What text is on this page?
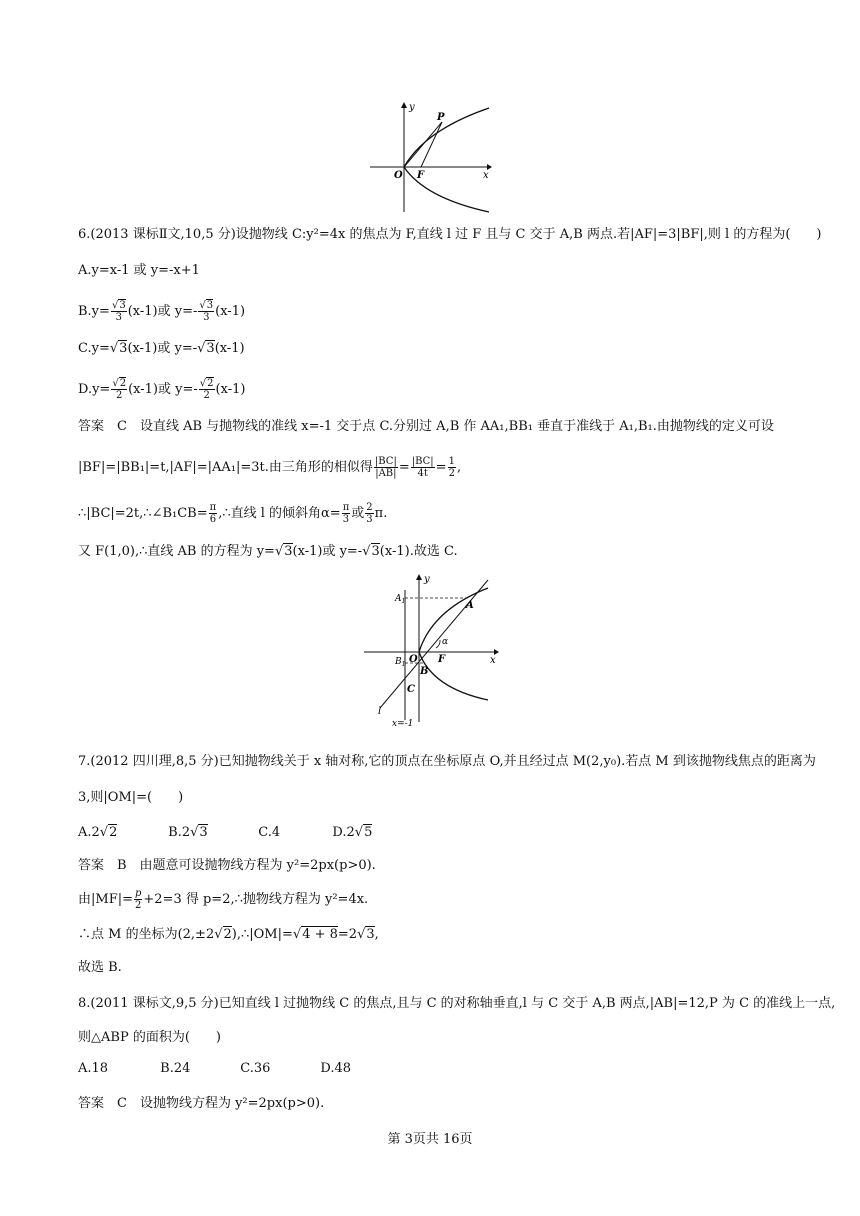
y
x
P
O F
6.(2013 课标Ⅱ文,10,5 分)设抛物线 C:y²=4x 的焦点为 F,直线 l 过 F 且与 C 交于 A,B 两点.若|AF|=3|BF|,则 l 的方程为(　　)
A.y=x-1 或 y=-x+1
$B.y= \frac{√3}{3} (x-1)$或 $y=- \frac{√3}{3} (x-1)$
C.y=√3(x-1)或 y=-√3(x-1)
$D.y= \frac{√2}{2} (x-1)$或 $y=- \frac{√2}{2} (x-1)$
答案　C　设直线 AB 与抛物线的准线 x=-1 交于点 C.分别过 A,B 作 AA₁,BB₁ 垂直于准线于 A₁,B₁.由抛物线的定义可设
|BF|=|BB₁|=t,|AF|=|AA₁|=3t.由三角形的相似得 $\frac{|BC|}{|AB|} = \frac{|BC|}{4t} = \frac{1}{2}$ ,
∴|BC|=2t,∴∠B₁CB= $\frac{\pi}{6}$ ,∴直线 l 的倾斜角$\alpha= \frac{\pi}{3}$ 或 $\frac{2}{3} \pi$.
又 F(1,0),∴直线 AB 的方程为 y=√3(x-1)或 y=-√3(x-1).故选 C.
y
x
$A_1$
$B_1$
A
O F
α
B
C
l
x=-1
7.(2012 四川理,8,5 分)已知抛物线关于 x 轴对称,它的顶点在坐标原点 O,并且经过点 M(2,y₀).若点 M 到该抛物线焦点的距离为
3,则|OM|=(　　)
A.2√2	B.2√3	C.4	D.2√5
答案　B　由题意可设抛物线方程为 y²=2px(p>0).
由$|MF|= \frac{p}{2} +2=3$ 得 p=2,∴抛物线方程为 y²=4x.
∴点 M 的坐标为(2,±2√2),∴|OM|=√4 + 8=2√3,
故选 B.
8.(2011 课标文,9,5 分)已知直线 l 过抛物线 C 的焦点,且与 C 的对称轴垂直,l 与 C 交于 A,B 两点,|AB|=12,P 为 C 的准线上一点,
则△ABP 的面积为(　　)
A.18	B.24	C.36	D.48
答案　C　设抛物线方程为 y²=2px(p>0).
第 3页共 16页
